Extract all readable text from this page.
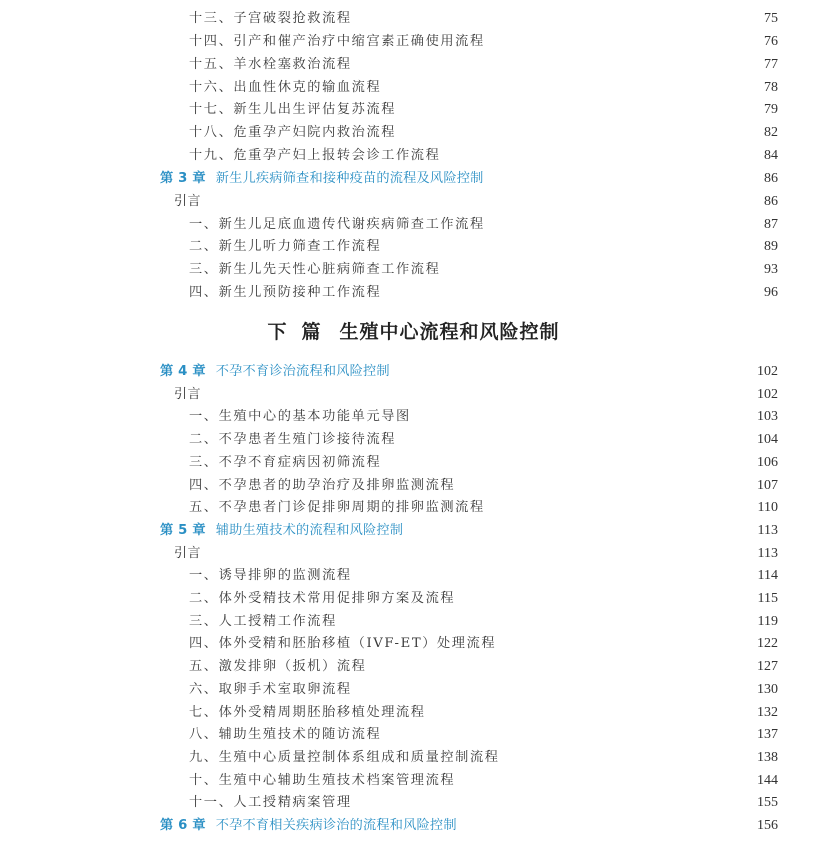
十三、子宫破裂抢救流程	75
十四、引产和催产治疗中缩宫素正确使用流程	76
十五、羊水栓塞救治流程	77
十六、出血性休克的输血流程	78
十七、新生儿出生评估复苏流程	79
十八、危重孕产妇院内救治流程	82
十九、危重孕产妇上报转会诊工作流程	84
第 3 章 新生儿疾病筛查和接种疫苗的流程及风险控制	86
引言	86
一、新生儿足底血遗传代谢疾病筛查工作流程	87
二、新生儿听力筛查工作流程	89
三、新生儿先天性心脏病筛查工作流程	93
四、新生儿预防接种工作流程	96
下 篇 生殖中心流程和风险控制
第 4 章 不孕不育诊治流程和风险控制	102
引言	102
一、生殖中心的基本功能单元导图	103
二、不孕患者生殖门诊接待流程	104
三、不孕不育症病因初筛流程	106
四、不孕患者的助孕治疗及排卵监测流程	107
五、不孕患者门诊促排卵周期的排卵监测流程	110
第 5 章 辅助生殖技术的流程和风险控制	113
引言	113
一、诱导排卵的监测流程	114
二、体外受精技术常用促排卵方案及流程	115
三、人工授精工作流程	119
四、体外受精和胚胎移植（IVF-ET）处理流程	122
五、激发排卵（扳机）流程	127
六、取卵手术室取卵流程	130
七、体外受精周期胚胎移植处理流程	132
八、辅助生殖技术的随访流程	137
九、生殖中心质量控制体系组成和质量控制流程	138
十、生殖中心辅助生殖技术档案管理流程	144
十一、人工授精病案管理	155
第 6 章 不孕不育相关疾病诊治的流程和风险控制	156
